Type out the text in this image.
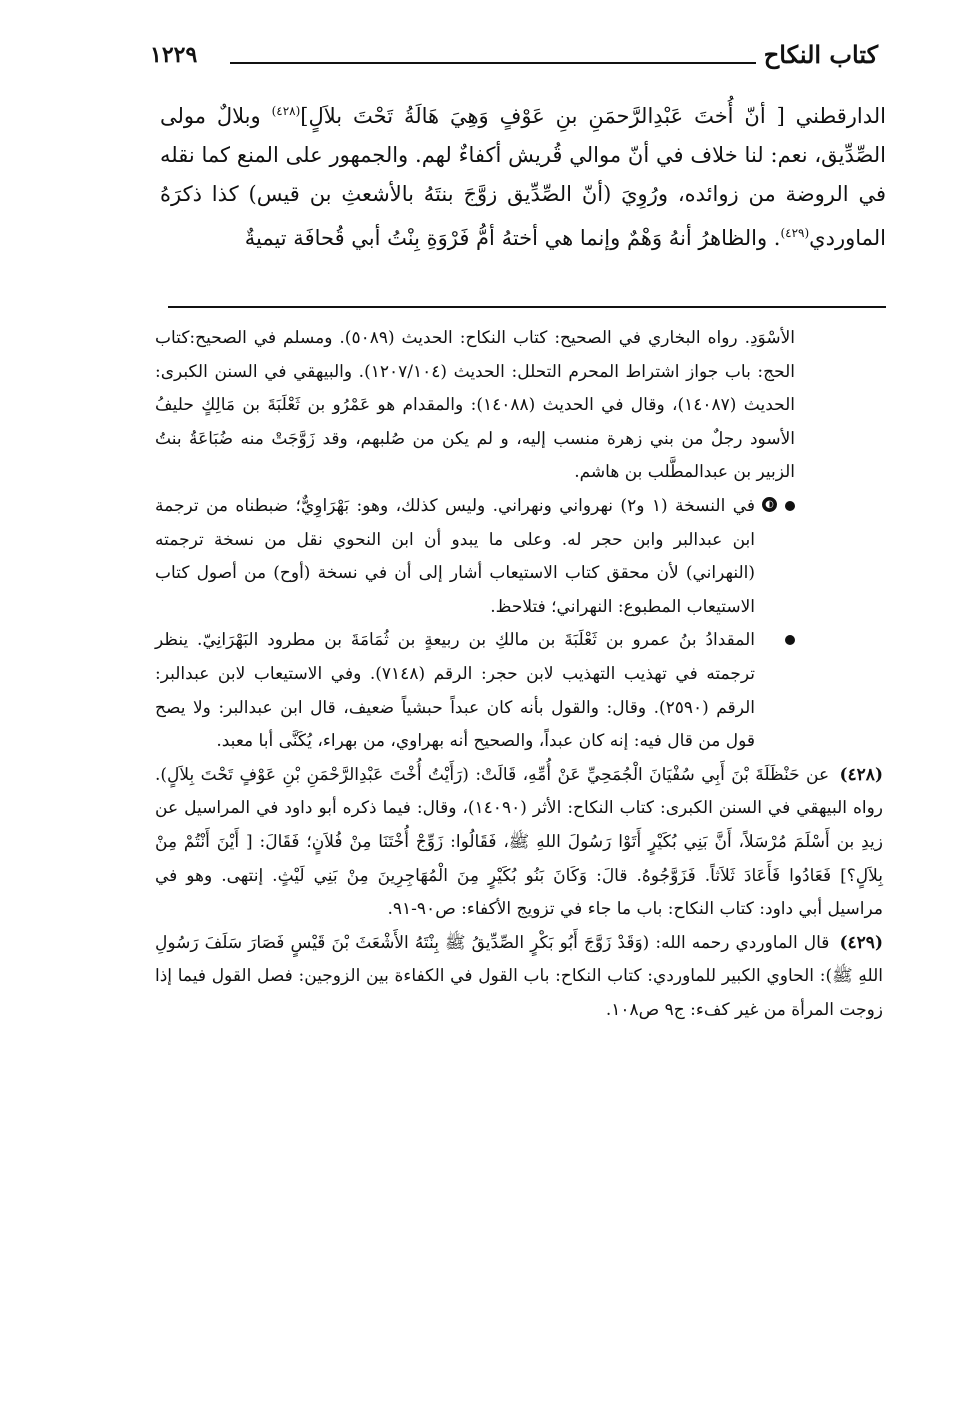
كتاب النكاح
١٢٢٩

الدارقطني [ أنّ أُختَ عَبْدِالرَّحمَنِ بنِ عَوْفٍ وَهِيَ هَالَةُ تَحْتَ بلاَلٍ]$^{(٤٢٨)}$ وبلالٌ مولى الصِّدِّيق، نعم: لنا خلاف في أنّ موالي قُريش أكفاءٌ لهم. والجمهور على المنع كما نقله في الروضة من زوائده، ورُوِيَ (أنّ الصِّدِّيق زوَّجَ بنتَهُ بالأشعثِ بن قيس) كذا ذكرَهُ الماوردي$^{(٤٢٩)}$. والظاهرُ أنهُ وَهْمٌ وإنما هي أختهُ أمُّ فَرْوَةِ بِنْتُ أبي قُحافَة تيميةٌ

الأسْوَدِ. رواه البخاري في الصحيح: كتاب النكاح: الحديث (٥٠٨٩). ومسلم في الصحيح:كتاب الحج: باب جواز اشتراط المحرم التحلل: الحديث (١٢٠٧/١٠٤). والبيهقي في السنن الكبرى: الحديث (١٤٠٨٧)، وقال في الحديث (١٤٠٨٨): والمقدام هو عَمْرُو بن ثَعْلَبَةَ بن مَالِكٍ حليفُ الأسود رجلٌ من بني زهرة منسب إليه، و لم يكن من صُلبهم، وقد زَوَّجَتْ منه ضُبَاعَةُ بنتُ الزبير بن عبدالمطَّلب بن هاشم.

◐
في النسخة (١ و٢) نهرواني ونهراني. وليس كذلك، وهو: بَهْرَاوِيٌّ؛ ضبطناه من ترجمة ابن عبدالبر وابن حجر له. وعلى ما يبدو أن ابن النحوي نقل من نسخة ترجمته (النهراني) لأن محقق كتاب الاستيعاب أشار إلى أن في نسخة (أوح) من أصول كتاب الاستيعاب المطبوع: النهراني؛ فتلاحظ.

المقدادُ بنُ عمرو بن ثَعْلَبَةَ بن مالكِ بن ربيعةٍ بن ثُمَامَةَ بن مطرود البَهْرَانِيّ. ينظر ترجمته في تهذيب التهذيب لابن حجر: الرقم (٧١٤٨). وفي الاستيعاب لابن عبدالبر: الرقم (٢٥٩٠). وقال: والقول بأنه كان عبداً حبشياً ضعيف، قال ابن عبدالبر: ولا يصح قول من قال فيه: إنه كان عبداً، والصحيح أنه بهراوي، من بهراء، يُكَنَّى أبا معبد.

(٤٢٨) عن حَنْظَلَةَ بْنَ أَبِي سُفْيَانَ الْجُمَحِيِّ عَنْ أُمِّهِ، قَالَتْ: (رَأَيْتُ أُخْتَ عَبْدِالرَّحْمَنِ بْنِ عَوْفٍ تَحْتَ بِلاَلٍ). رواه البيهقي في السنن الكبرى: كتاب النكاح: الأثر (١٤٠٩٠)، وقال: فيما ذكره أبو داود في المراسيل عن زيدِ بن أَسْلَمَ مُرْسَلاً، أَنَّ بَنِي بُكَيْرٍ أَتَوْا رَسُولَ اللهِ ﷺ، فَقَالُوا: زَوِّجْ أُخْتَنَا مِنْ فُلاَنٍ؛ فَقَالَ: [ أَيْنَ أَنْتُمْ مِنْ بِلاَلٍ؟] فَعَادُوا فَأَعَادَ ثَلاَثاً. فَزَوَّجُوهُ. قالَ: وَكَانَ بَنُو بُكَيْرٍ مِنَ الْمُهَاجِرِينَ مِنْ بَنِي لَيْثٍ. إنتهى. وهو في مراسيل أبي داود: كتاب النكاح: باب ما جاء في تزويج الأكفاء: ص٩٠-٩١.

(٤٢٩) قال الماوردي رحمه الله: (وَقَدْ زَوَّجَ أَبُو بَكْرٍ الصِّدِّيقُ ﷺ بِنْتَهُ الأَشْعَثَ بْنَ قَيْسٍ فَصَارَ سَلَفَ رَسُولِ اللهِ ﷺ): الحاوي الكبير للماوردي: كتاب النكاح: باب القول في الكفاءة بين الزوجين: فصل القول فيما إذا زوجت المرأة من غير كفء: ج٩ ص١٠٨.
